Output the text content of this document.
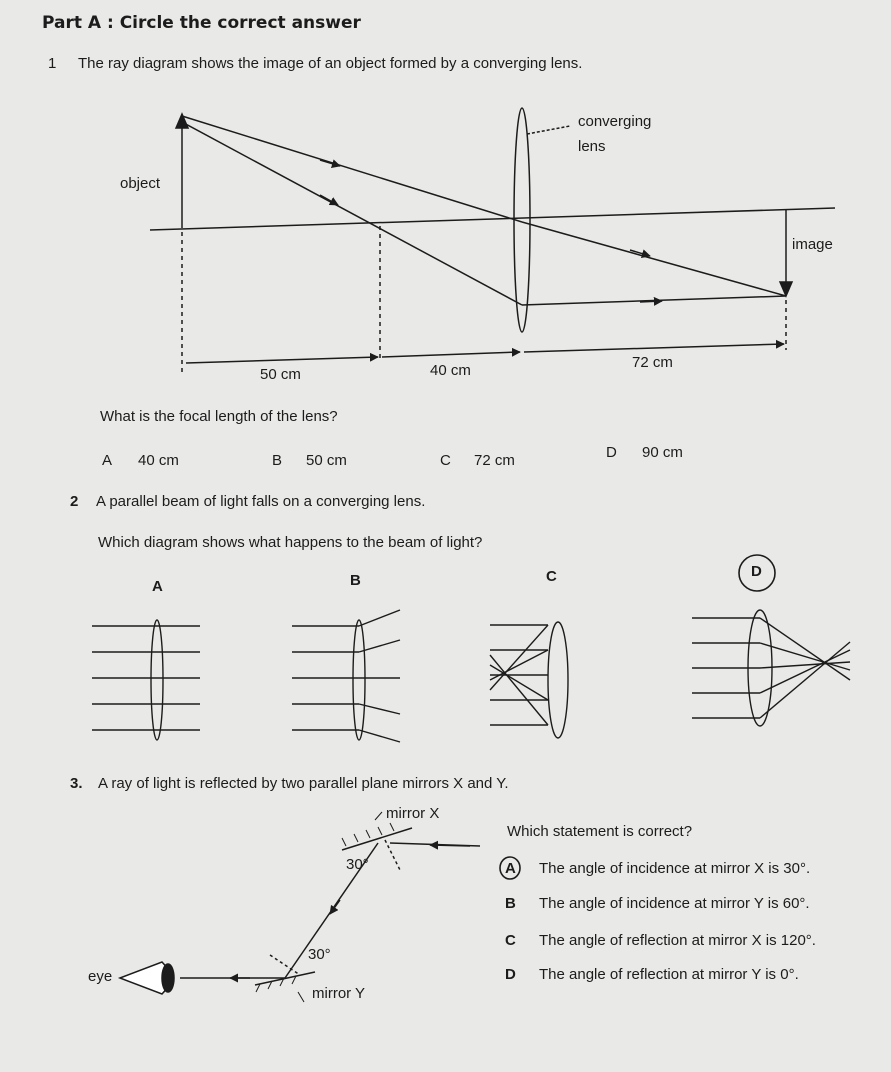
Part A : Circle the correct answer
1 The ray diagram shows the image of an object formed by a converging lens.
converging
lens
object
image
50 cm	40 cm	72 cm
What is the focal length of the lens?
A 40 cm	B 50 cm	C 72 cm	D 90 cm
2 A parallel beam of light falls on a converging lens.
Which diagram shows what happens to the beam of light?
A	B	C	D
3. A ray of light is reflected by two parallel plane mirrors X and Y.
mirror X
30°
30°
eye
mirror Y
Which statement is correct?
A The angle of incidence at mirror X is 30°.
B The angle of incidence at mirror Y is 60°.
C The angle of reflection at mirror X is 120°.
D The angle of reflection at mirror Y is 0°.
